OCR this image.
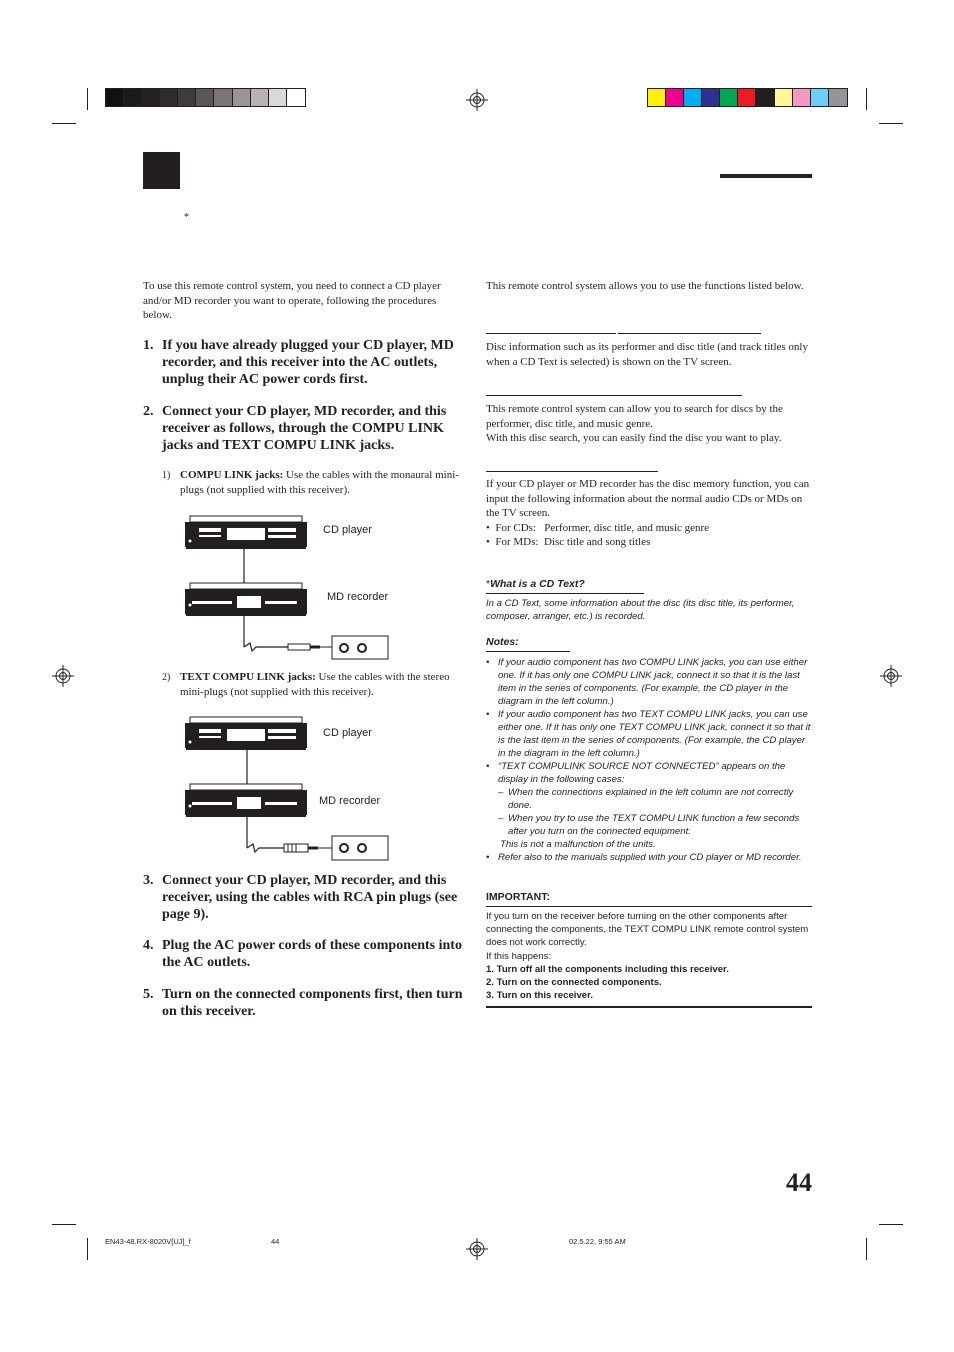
*
To use this remote control system, you need to connect a CD player and/or MD recorder you want to operate, following the procedures below.
1. If you have already plugged your CD player, MD recorder, and this receiver into the AC outlets, unplug their AC power cords first.
2. Connect your CD player, MD recorder, and this receiver as follows, through the COMPU LINK jacks and TEXT COMPU LINK jacks.
1) COMPU LINK jacks: Use the cables with the monaural mini-plugs (not supplied with this receiver).
CD player
MD recorder
2) TEXT COMPU LINK jacks: Use the cables with the stereo mini-plugs (not supplied with this receiver).
CD player
MD recorder
3. Connect your CD player, MD recorder, and this receiver, using the cables with RCA pin plugs (see page 9).
4. Plug the AC power cords of these components into the AC outlets.
5. Turn on the connected components first, then turn on this receiver.
This remote control system allows you to use the functions listed below.
Disc information such as its performer and disc title (and track titles only when a CD Text is selected) is shown on the TV screen.
This remote control system can allow you to search for discs by the performer, disc title, and music genre.
With this disc search, you can easily find the disc you want to play.
If your CD player or MD recorder has the disc memory function, you can input the following information about the normal audio CDs or MDs on the TV screen.
•  For CDs:   Performer, disc title, and music genre
•  For MDs:  Disc title and song titles
*What is a CD Text?
In a CD Text, some information about the disc (its disc title, its performer, composer, arranger, etc.) is recorded.
Notes:
• If your audio component has two COMPU LINK jacks, you can use either one. If it has only one COMPU LINK jack, connect it so that it is the last item in the series of components. (For example, the CD player in the diagram in the left column.)
• If your audio component has two TEXT COMPU LINK jacks, you can use either one. If it has only one TEXT COMPU LINK jack, connect it so that it is the last item in the series of components. (For example, the CD player in the diagram in the left column.)
• “TEXT COMPULINK SOURCE NOT CONNECTED” appears on the display in the following cases:
– When the connections explained in the left column are not correctly done.
– When you try to use the TEXT COMPU LINK function a few seconds after you turn on the connected equipment.
This is not a malfunction of the units.
• Refer also to the manuals supplied with your CD player or MD recorder.
IMPORTANT:
If you turn on the receiver before turning on the other components after connecting the components, the TEXT COMPU LINK remote control system does not work correctly.
If this happens:
1. Turn off all the components including this receiver.
2. Turn on the connected components.
3. Turn on this receiver.
44
EN43-48.RX-8020V[UJ]_f	44	02.5.22, 9:55 AM
